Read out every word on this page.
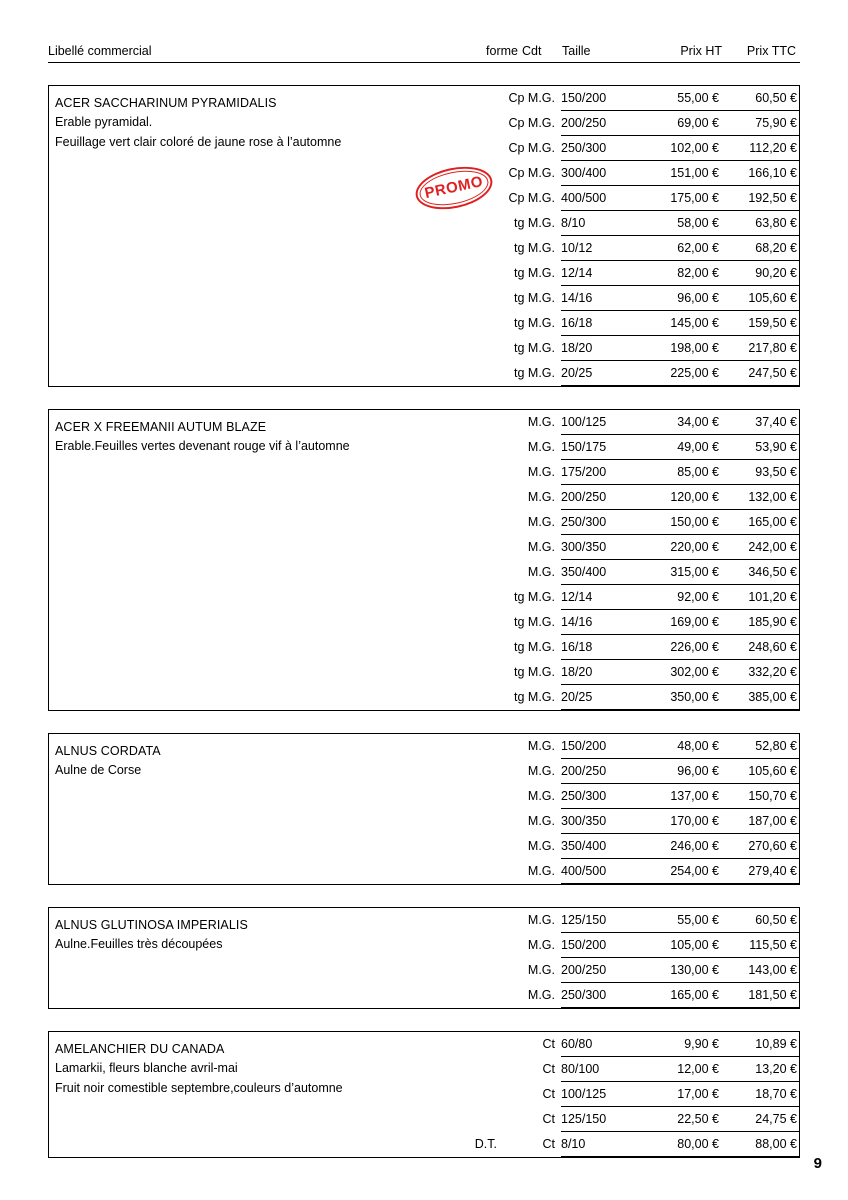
Libellé commercial	forme	Cdt	Taille	Prix HT	Prix TTC
ACER SACCHARINUM PYRAMIDALIS
Erable pyramidal.
Feuillage vert clair coloré de jaune rose à l’automne
	Cp M.G.	150/200	55,00 €	60,50 €
	Cp M.G.	200/250	69,00 €	75,90 €
	Cp M.G.	250/300	102,00 €	112,20 €
	Cp M.G.	300/400	151,00 €	166,10 €
	Cp M.G.	400/500	175,00 €	192,50 €
	tg M.G.	8/10	58,00 €	63,80 €
	tg M.G.	10/12	62,00 €	68,20 €
	tg M.G.	12/14	82,00 €	90,20 €
	tg M.G.	14/16	96,00 €	105,60 €
	tg M.G.	16/18	145,00 €	159,50 €
	tg M.G.	18/20	198,00 €	217,80 €
	tg M.G.	20/25	225,00 €	247,50 €
PROMO
ACER X FREEMANII AUTUM BLAZE
Erable.Feuilles vertes devenant rouge vif à l’automne
	M.G.	100/125	34,00 €	37,40 €
	M.G.	150/175	49,00 €	53,90 €
	M.G.	175/200	85,00 €	93,50 €
	M.G.	200/250	120,00 €	132,00 €
	M.G.	250/300	150,00 €	165,00 €
	M.G.	300/350	220,00 €	242,00 €
	M.G.	350/400	315,00 €	346,50 €
	tg M.G.	12/14	92,00 €	101,20 €
	tg M.G.	14/16	169,00 €	185,90 €
	tg M.G.	16/18	226,00 €	248,60 €
	tg M.G.	18/20	302,00 €	332,20 €
	tg M.G.	20/25	350,00 €	385,00 €
ALNUS CORDATA
Aulne de Corse
	M.G.	150/200	48,00 €	52,80 €
	M.G.	200/250	96,00 €	105,60 €
	M.G.	250/300	137,00 €	150,70 €
	M.G.	300/350	170,00 €	187,00 €
	M.G.	350/400	246,00 €	270,60 €
	M.G.	400/500	254,00 €	279,40 €
ALNUS GLUTINOSA IMPERIALIS
Aulne.Feuilles très découpées
	M.G.	125/150	55,00 €	60,50 €
	M.G.	150/200	105,00 €	115,50 €
	M.G.	200/250	130,00 €	143,00 €
	M.G.	250/300	165,00 €	181,50 €
AMELANCHIER DU CANADA
Lamarkii, fleurs blanche avril-mai
Fruit noir comestible septembre,couleurs d’automne
	Ct	60/80	9,90 €	10,89 €
	Ct	80/100	12,00 €	13,20 €
	Ct	100/125	17,00 €	18,70 €
	Ct	125/150	22,50 €	24,75 €
D.T.	Ct	8/10	80,00 €	88,00 €
9
